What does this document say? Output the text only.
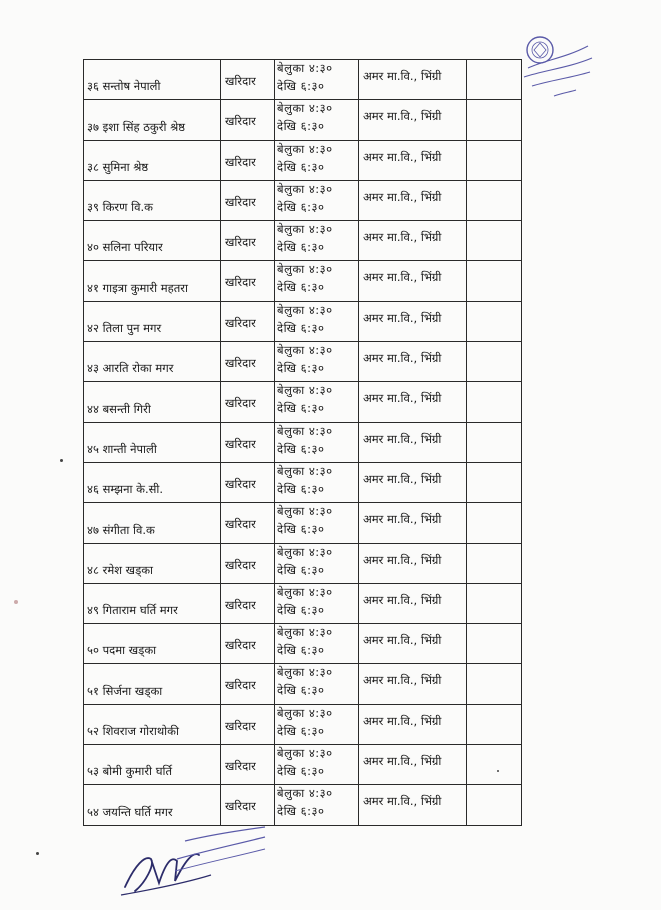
३६ सन्तोष नेपाली	खरिदार	बेलुका ४:३०
देखि ६:३०	अमर मा.वि., भिंग्री	

३७ इशा सिंह ठकुरी श्रेष्ठ	खरिदार	बेलुका ४:३०
देखि ६:३०	अमर मा.वि., भिंग्री	

३८ सुमिना श्रेष्ठ	खरिदार	बेलुका ४:३०
देखि ६:३०	अमर मा.वि., भिंग्री	

३९ किरण वि.क	खरिदार	बेलुका ४:३०
देखि ६:३०	अमर मा.वि., भिंग्री	

४० सलिना परियार	खरिदार	बेलुका ४:३०
देखि ६:३०	अमर मा.वि., भिंग्री	

४१ गाइत्रा कुमारी महतरा	खरिदार	बेलुका ४:३०
देखि ६:३०	अमर मा.वि., भिंग्री	

४२ तिला पुन मगर	खरिदार	बेलुका ४:३०
देखि ६:३०	अमर मा.वि., भिंग्री	

४३ आरति रोका मगर	खरिदार	बेलुका ४:३०
देखि ६:३०	अमर मा.वि., भिंग्री	

४४ बसन्ती गिरी	खरिदार	बेलुका ४:३०
देखि ६:३०	अमर मा.वि., भिंग्री	

४५ शान्ती नेपाली	खरिदार	बेलुका ४:३०
देखि ६:३०	अमर मा.वि., भिंग्री	

४६ सम्झना के.सी.	खरिदार	बेलुका ४:३०
देखि ६:३०	अमर मा.वि., भिंग्री	

४७ संगीता वि.क	खरिदार	बेलुका ४:३०
देखि ६:३०	अमर मा.वि., भिंग्री	

४८ रमेश खड्का	खरिदार	बेलुका ४:३०
देखि ६:३०	अमर मा.वि., भिंग्री	

४९ गिताराम घर्ति मगर	खरिदार	बेलुका ४:३०
देखि ६:३०	अमर मा.वि., भिंग्री	

५० पदमा खड्का	खरिदार	बेलुका ४:३०
देखि ६:३०	अमर मा.वि., भिंग्री	

५१ सिर्जना खड्का	खरिदार	बेलुका ४:३०
देखि ६:३०	अमर मा.वि., भिंग्री	

५२ शिवराज गोराथोकी	खरिदार	बेलुका ४:३०
देखि ६:३०	अमर मा.वि., भिंग्री	

५३ बोमी कुमारी घर्ति	खरिदार	बेलुका ४:३०
देखि ६:३०	अमर मा.वि., भिंग्री	

५४ जयन्ति घर्ति मगर	खरिदार	बेलुका ४:३०
देखि ६:३०	अमर मा.वि., भिंग्री	
